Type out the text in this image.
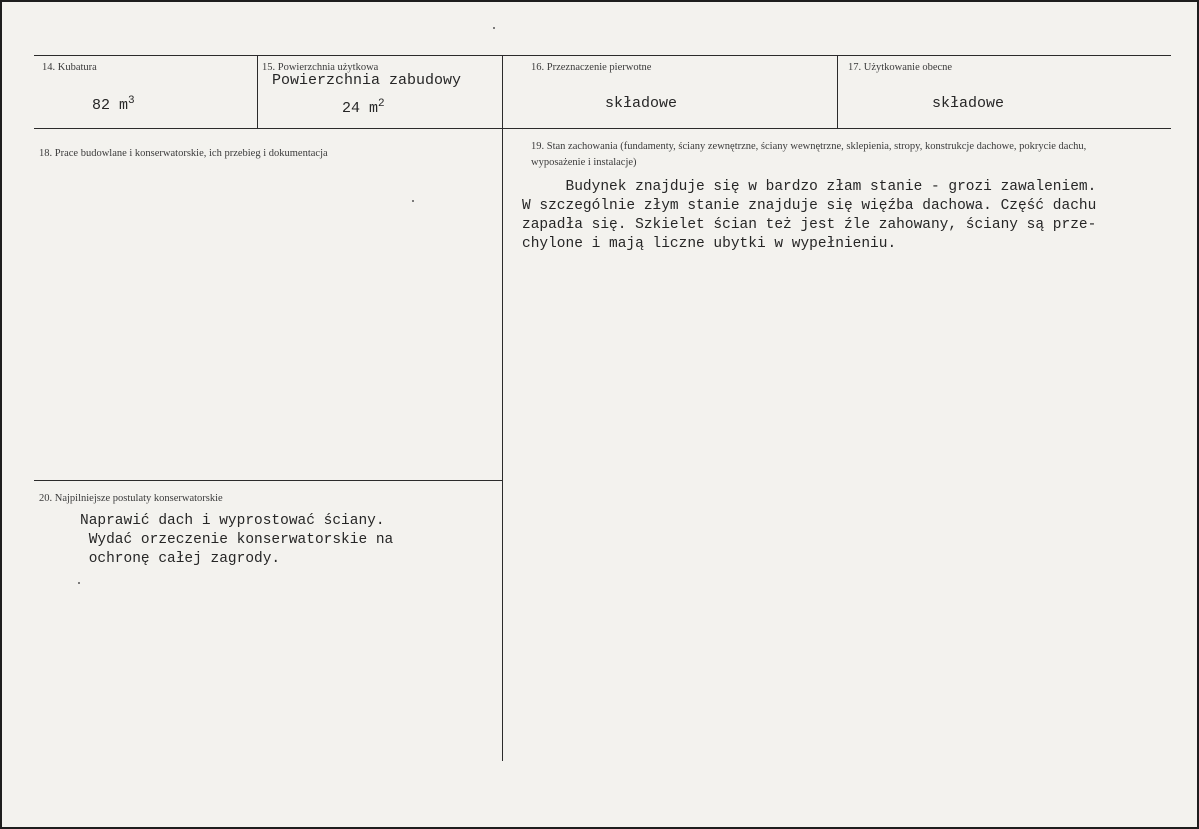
14. Kubatura
82 $m^3$
15. Powierzchnia użytkowa
Powierzchnia zabudowy
24 $m^2$
16. Przeznaczenie pierwotne
składowe
17. Użytkowanie obecne
składowe
18. Prace budowlane i konserwatorskie, ich przebieg i dokumentacja
19. Stan zachowania (fundamenty, ściany zewnętrzne, ściany wewnętrzne, sklepienia, stropy, konstrukcje dachowe, pokrycie dachu, wyposażenie i instalacje)
Budynek znajduje się w bardzo złam stanie - grozi zawaleniem.
W szczególnie złym stanie znajduje się więźba dachowa. Część dachu
zapadła się. Szkielet ścian też jest źle zahowany, ściany są prze-
chylone i mają liczne ubytki w wypełnieniu.
20. Najpilniejsze postulaty konserwatorskie
Naprawić dach i wyprostować ściany.
Wydać orzeczenie konserwatorskie na
ochronę całej zagrody.
